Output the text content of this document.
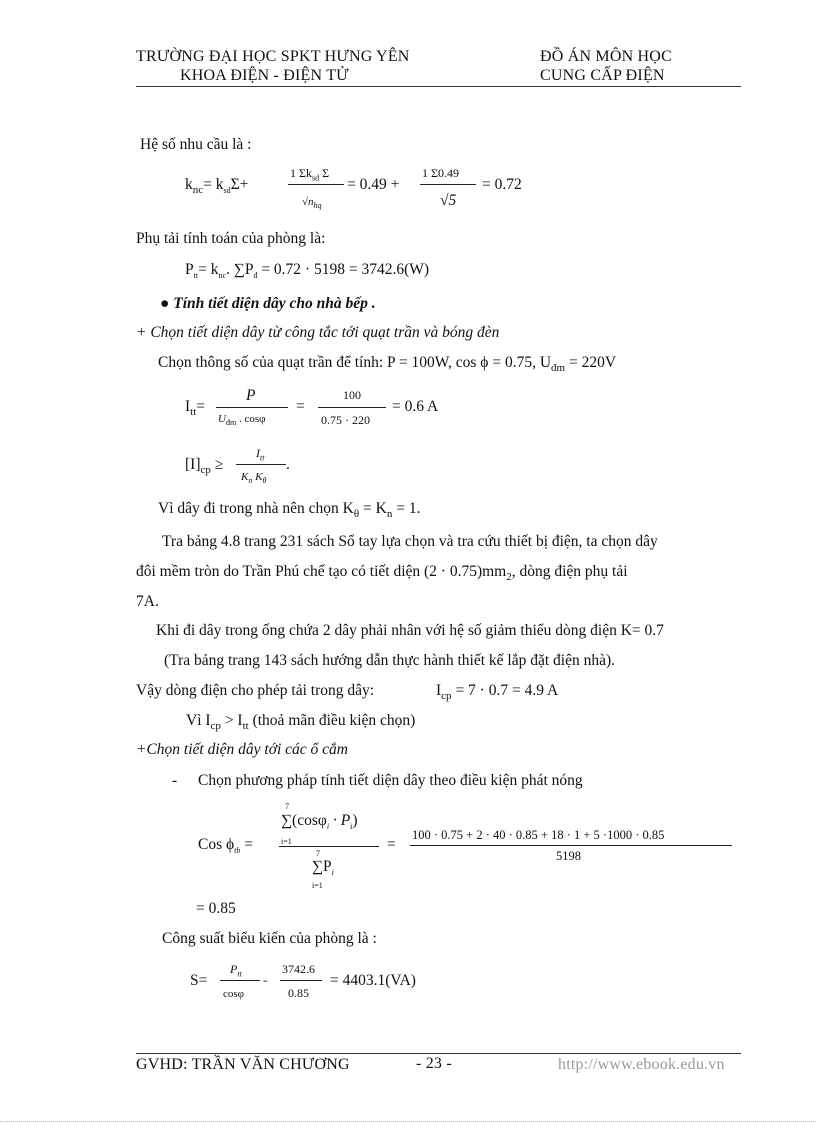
TRƯỜNG ĐẠI HỌC SPKT HƯNG YÊN
KHOA ĐIỆN - ĐIỆN TỬ
ĐỒ ÁN MÔN HỌC
CUNG CẤP ĐIỆN
Hệ số nhu cầu là :
$k_{nc}= k_{sd}\Sigma+$
1 $\Sigma k_{sd}$ Σ
$√n_{hq}$
= 0.49 +
1 Σ0.49
√5
= 0.72
Phụ tải tính toán của phòng là:
$P_{tt}= k_{nc}$. $\sum P_đ = 0.72 \cdot 5198 = 3742.6(W)$
● Tính tiết diện dây cho nhà bếp .
+ Chọn tiết diện dây từ công tắc tới quạt trần và bóng đèn
Chọn thông số của quạt trần để tính: P = 100W, cos ϕ = 0.75, $U_{đm} = 220V$
$I_{tt}=$
P
$U_{đm}$ . cosφ
=
100
0.75 · 220
= 0.6 A
$[I]_{cp}$ ≥
$I_{tt}$
$K_n$ $K_\theta$
.
Vì dây đi trong nhà nên chọn $K_\theta = K_n = 1$.
Tra bảng 4.8 trang 231 sách Sổ tay lựa chọn và tra cứu thiết bị điện, ta chọn dây
đôi mềm tròn do Trần Phú chế tạo có tiết diện $(2 \cdot 0.75)mm_2$, dòng điện phụ tải
7A.
Khi đi dây trong ống chứa 2 dây phải nhân với hệ số giảm thiểu dòng điện K= 0.7
(Tra bảng trang 143 sách hướng dẫn thực hành thiết kế lắp đặt điện nhà).
Vậy dòng điện cho phép tải trong dây:	$I_{cp} = 7 \cdot 0.7 = 4.9$ A
Vì $I_{cp} > I_{tt}$ (thoả mãn điều kiện chọn)
+Chọn tiết diện dây tới các ổ cắm
- Chọn phương pháp tính tiết diện dây theo điều kiện phát nóng
Cos $\phi_{tb}$ =
7
$\sum(\cos\varphi_i \cdot P_i)$
i=1
7
$\sum P_i$
i=1
=
100 · 0.75 + 2 · 40 · 0.85 + 18 · 1 + 5 ·1000 · 0.85
5198
= 0.85
Công suất biểu kiến của phòng là :
S=
$P_{tt}$
cosφ
=
3742.6
0.85
= 4403.1(VA)
GVHD: TRẦN VĂN CHƯƠNG	- 23 -	http://www.ebook.edu.vn
